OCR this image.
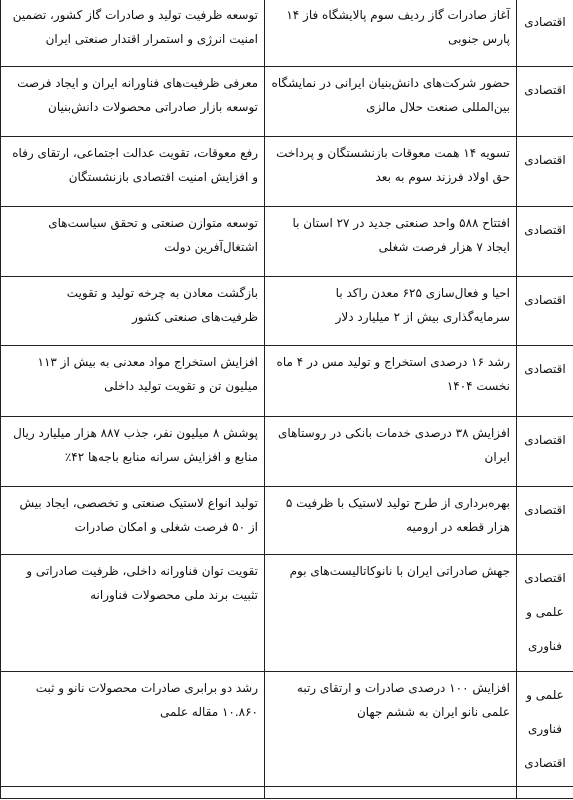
اقتصادی	آغاز صادرات گاز ردیف سوم پالایشگاه فاز ۱۴ پارس جنوبی	توسعه ظرفیت تولید و صادرات گاز کشور، تضمین امنیت انرژی و استمرار اقتدار صنعتی ایران

اقتصادی	حضور شرکت‌های دانش‌بنیان ایرانی در نمایشگاه بین‌المللی صنعت حلال مالزی	معرفی ظرفیت‌های فناورانه ایران و ایجاد فرصت توسعه بازار صادراتی محصولات دانش‌بنیان

اقتصادی	تسویه ۱۴ همت معوقات بازنشستگان و پرداخت حق اولاد فرزند سوم به بعد	رفع معوقات، تقویت عدالت اجتماعی، ارتقای رفاه و افزایش امنیت اقتصادی بازنشستگان

اقتصادی	افتتاح ۵۸۸ واحد صنعتی جدید در ۲۷ استان با ایجاد ۷ هزار فرصت شغلی	توسعه متوازن صنعتی و تحقق سیاست‌های اشتغال‌آفرین دولت

اقتصادی	احیا و فعال‌سازی ۶۲۵ معدن راکد با سرمایه‌گذاری بیش از ۲ میلیارد دلار	بازگشت معادن به چرخه تولید و تقویت ظرفیت‌های صنعتی کشور

اقتصادی	رشد ۱۶ درصدی استخراج و تولید مس در ۴ ماه نخست ۱۴۰۴	افزایش استخراج مواد معدنی به بیش از ۱۱۳ میلیون تن و تقویت تولید داخلی

اقتصادی	افزایش ۳۸ درصدی خدمات بانکی در روستاهای ایران	پوشش ۸ میلیون نفر، جذب ۸۸۷ هزار میلیارد ریال منابع و افزایش سرانه منابع باجه‌ها ۴۲٪

اقتصادی	بهره‌برداری از طرح تولید لاستیک با ظرفیت ۵ هزار قطعه در ارومیه	تولید انواع لاستیک صنعتی و تخصصی، ایجاد بیش از ۵۰ فرصت شغلی و امکان صادرات

اقتصادی
علمی و
فناوری	جهش صادراتی ایران با نانوکاتالیست‌های بوم	تقویت توان فناورانه داخلی، ظرفیت صادراتی و تثبیت برند ملی محصولات فناورانه

علمی و
فناوری
اقتصادی	افزایش ۱۰۰ درصدی صادرات و ارتقای رتبه علمی نانو ایران به ششم جهان	رشد دو برابری صادرات محصولات نانو و ثبت ۱۰.۸۶۰ مقاله علمی
